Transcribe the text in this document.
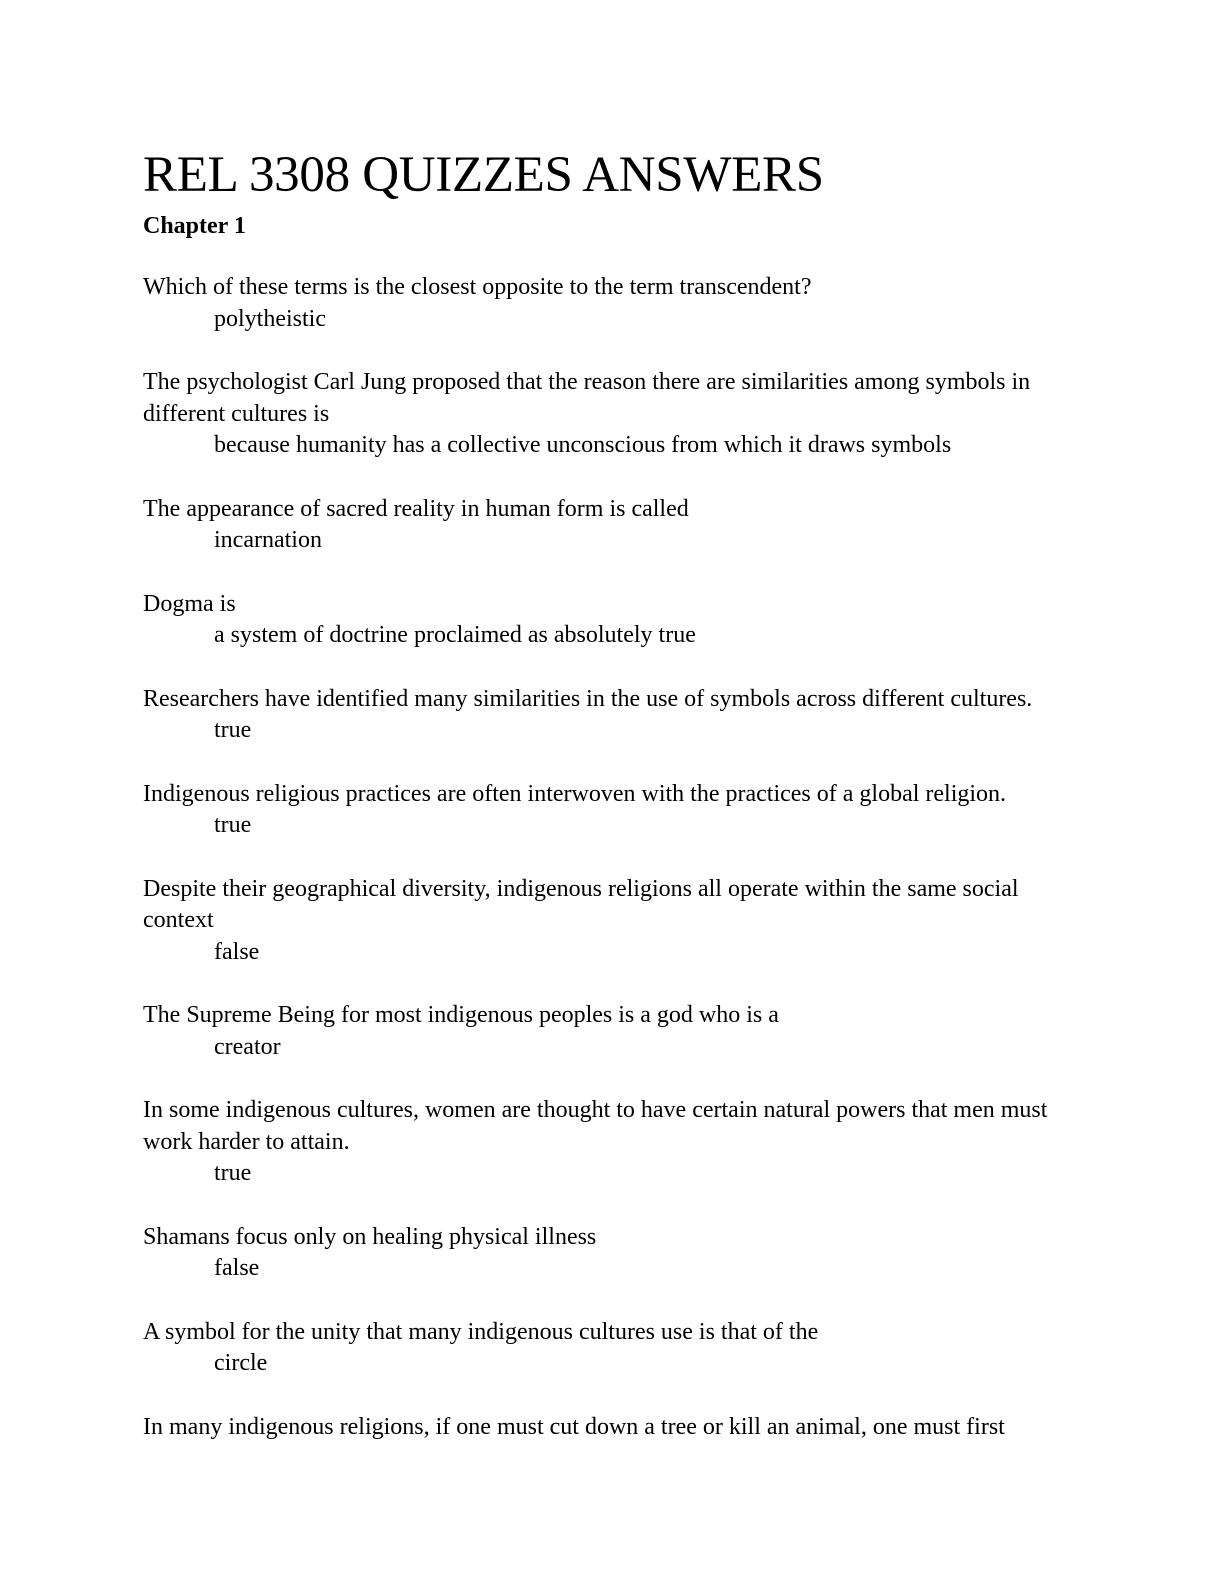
REL 3308 QUIZZES ANSWERS
Chapter 1

Which of these terms is the closest opposite to the term transcendent?

polytheistic

The psychologist Carl Jung proposed that the reason there are similarities among symbols in different cultures is

because humanity has a collective unconscious from which it draws symbols

The appearance of sacred reality in human form is called

incarnation

Dogma is

a system of doctrine proclaimed as absolutely true

Researchers have identified many similarities in the use of symbols across different cultures.

true

Indigenous religious practices are often interwoven with the practices of a global religion.

true

Despite their geographical diversity, indigenous religions all operate within the same social context

false

The Supreme Being for most indigenous peoples is a god who is a

creator

In some indigenous cultures, women are thought to have certain natural powers that men must work harder to attain.

true

Shamans focus only on healing physical illness

false

A symbol for the unity that many indigenous cultures use is that of the

circle

In many indigenous religions, if one must cut down a tree or kill an animal, one must first
